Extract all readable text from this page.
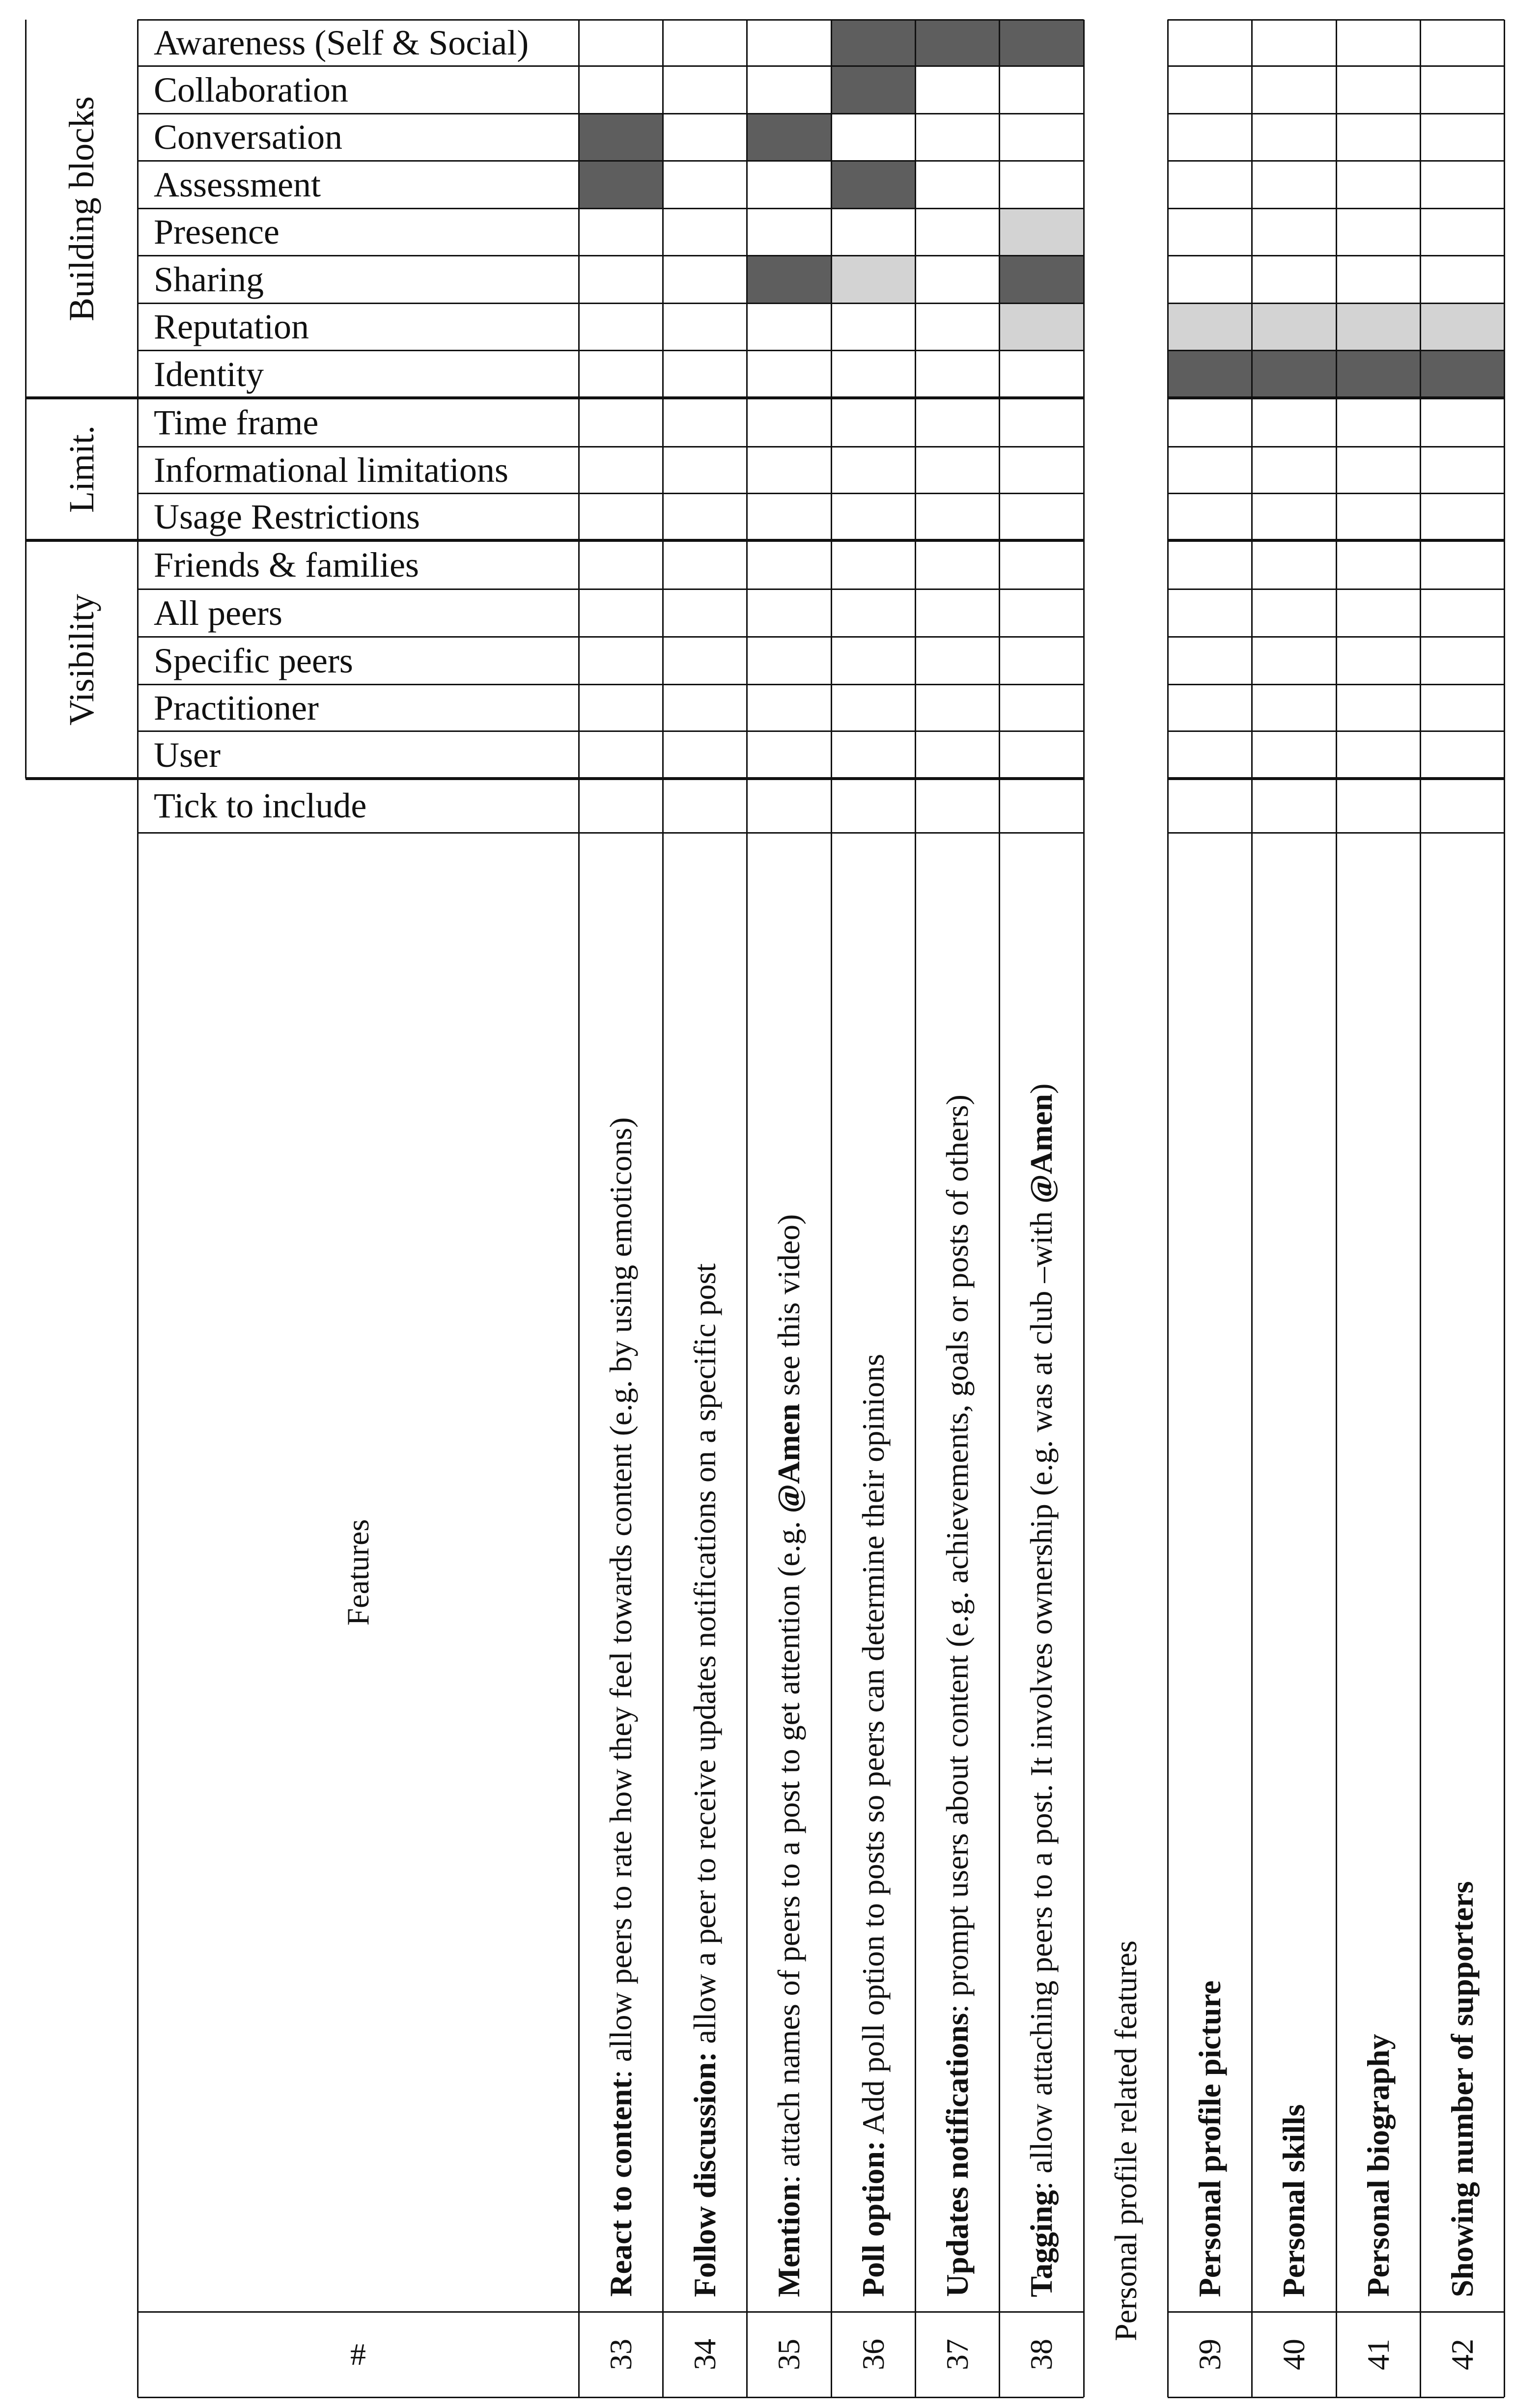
Awareness (Self & Social)
Collaboration
Conversation
Assessment
Presence
Sharing
Reputation
Identity
Time frame
Informational limitations
Usage Restrictions
Friends & families
All peers
Specific peers
Practitioner
User
Tick to include
Building blocks
Limit.
Visibility
Features
#
Personal profile related features
React to content: allow peers to rate how they feel towards content (e.g. by using emoticons)
33
Follow discussion: allow a peer to receive updates notifications on a specific post
34
Mention: attach names of peers to a post to get attention (e.g. @Amen see this video)
35
Poll option: Add poll option to posts so peers can determine their opinions
36
Updates notifications: prompt users about content (e.g. achievements, goals or posts of others)
37
Tagging: allow attaching peers to a post. It involves ownership (e.g. was at club –with @Amen)
38
Personal profile picture
39
Personal skills
40
Personal biography
41
Showing number of supporters
42
